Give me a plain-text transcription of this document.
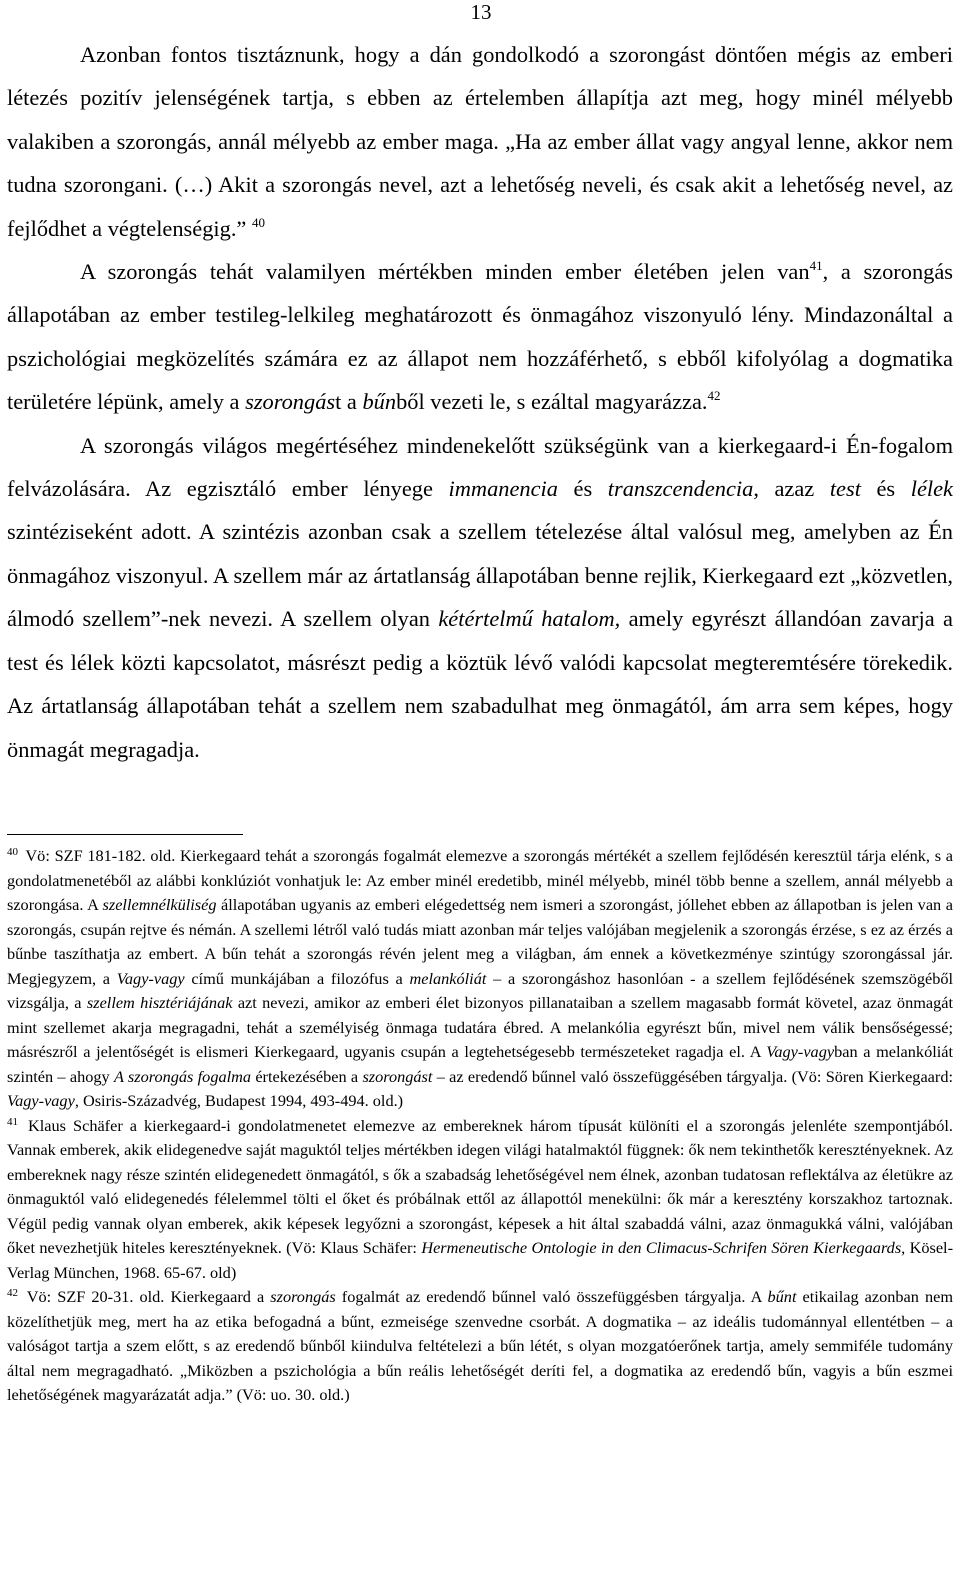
13

Azonban fontos tisztáznunk, hogy a dán gondolkodó a szorongást döntően mégis az emberi létezés pozitív jelenségének tartja, s ebben az értelemben állapítja azt meg, hogy minél mélyebb valakiben a szorongás, annál mélyebb az ember maga. „Ha az ember állat vagy angyal lenne, akkor nem tudna szorongani. (…) Akit a szorongás nevel, azt a lehetőség neveli, és csak akit a lehetőség nevel, az fejlődhet a végtelenségig.” $^{40}$

A szorongás tehát valamilyen mértékben minden ember életében jelen van$^{41}$, a szorongás állapotában az ember testileg-lelkileg meghatározott és önmagához viszonyuló lény. Mindazonáltal a pszichológiai megközelítés számára ez az állapot nem hozzáférhető, s ebből kifolyólag a dogmatika területére lépünk, amely a szorongást a bűnből vezeti le, s ezáltal magyarázza.$^{42}$

A szorongás világos megértéséhez mindenekelőtt szükségünk van a kierkegaard-i Én-fogalom felvázolására. Az egzisztáló ember lényege immanencia és transzcendencia, azaz test és lélek szintéziseként adott. A szintézis azonban csak a szellem tételezése által valósul meg, amelyben az Én önmagához viszonyul. A szellem már az ártatlanság állapotában benne rejlik, Kierkegaard ezt „közvetlen, álmodó szellem”-nek nevezi. A szellem olyan kétértelmű hatalom, amely egyrészt állandóan zavarja a test és lélek közti kapcsolatot, másrészt pedig a köztük lévő valódi kapcsolat megteremtésére törekedik. Az ártatlanság állapotában tehát a szellem nem szabadulhat meg önmagától, ám arra sem képes, hogy önmagát megragadja.

$^{40}$ Vö: SZF 181-182. old. Kierkegaard tehát a szorongás fogalmát elemezve a szorongás mértékét a szellem fejlődésén keresztül tárja elénk, s a gondolatmenetéből az alábbi konklúziót vonhatjuk le: Az ember minél eredetibb, minél mélyebb, minél több benne a szellem, annál mélyebb a szorongása. A szellemnélküliség állapotában ugyanis az emberi elégedettség nem ismeri a szorongást, jóllehet ebben az állapotban is jelen van a szorongás, csupán rejtve és némán. A szellemi létről való tudás miatt azonban már teljes valójában megjelenik a szorongás érzése, s ez az érzés a bűnbe taszíthatja az embert. A bűn tehát a szorongás révén jelent meg a világban, ám ennek a következménye szintúgy szorongással jár. Megjegyzem, a Vagy-vagy című munkájában a filozófus a melankóliát – a szorongáshoz hasonlóan - a szellem fejlődésének szemszögéből vizsgálja, a szellem hisztériájának azt nevezi, amikor az emberi élet bizonyos pillanataiban a szellem magasabb formát követel, azaz önmagát mint szellemet akarja megragadni, tehát a személyiség önmaga tudatára ébred. A melankólia egyrészt bűn, mivel nem válik bensőségessé; másrészről a jelentőségét is elismeri Kierkegaard, ugyanis csupán a legtehetségesebb természeteket ragadja el. A Vagy-vagyban a melankóliát szintén – ahogy A szorongás fogalma értekezésében a szorongást – az eredendő bűnnel való összefüggésében tárgyalja. (Vö: Sören Kierkegaard: Vagy-vagy, Osiris-Századvég, Budapest 1994, 493-494. old.)

$^{41}$ Klaus Schäfer a kierkegaard-i gondolatmenetet elemezve az embereknek három típusát különíti el a szorongás jelenléte szempontjából. Vannak emberek, akik elidegenedve saját maguktól teljes mértékben idegen világi hatalmaktól függnek: ők nem tekinthetők keresztényeknek. Az embereknek nagy része szintén elidegenedett önmagától, s ők a szabadság lehetőségével nem élnek, azonban tudatosan reflektálva az életükre az önmaguktól való elidegenedés félelemmel tölti el őket és próbálnak ettől az állapottól menekülni: ők már a keresztény korszakhoz tartoznak. Végül pedig vannak olyan emberek, akik képesek legyőzni a szorongást, képesek a hit által szabaddá válni, azaz önmagukká válni, valójában őket nevezhetjük hiteles keresztényeknek. (Vö: Klaus Schäfer: Hermeneutische Ontologie in den Climacus-Schrifen Sören Kierkegaards, Kösel-Verlag München, 1968. 65-67. old)

$^{42}$ Vö: SZF 20-31. old. Kierkegaard a szorongás fogalmát az eredendő bűnnel való összefüggésben tárgyalja. A bűnt etikailag azonban nem közelíthetjük meg, mert ha az etika befogadná a bűnt, ezmeisége szenvedne csorbát. A dogmatika – az ideális tudománnyal ellentétben – a valóságot tartja a szem előtt, s az eredendő bűnből kiindulva feltételezi a bűn létét, s olyan mozgatóerőnek tartja, amely semmiféle tudomány által nem megragadható. „Miközben a pszichológia a bűn reális lehetőségét deríti fel, a dogmatika az eredendő bűn, vagyis a bűn eszmei lehetőségének magyarázatát adja.” (Vö: uo. 30. old.)
